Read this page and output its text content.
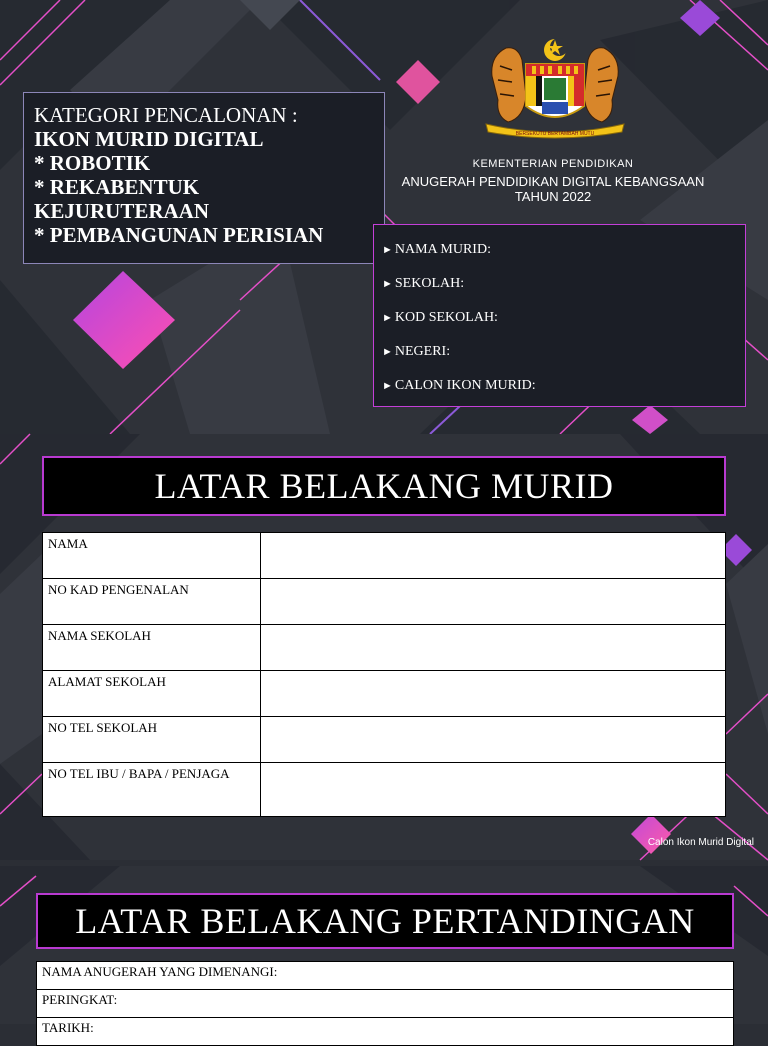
KATEGORI PENCALONAN :
IKON MURID DIGITAL
* ROBOTIK
* REKABENTUK KEJURUTERAAN
* PEMBANGUNAN PERISIAN
BERSEKUTU BERTAMBAH MUTU
KEMENTERIAN PENDIDIKAN
ANUGERAH PENDIDIKAN DIGITAL KEBANGSAAN
TAHUN 2022
► NAMA MURID:
► SEKOLAH:
► KOD SEKOLAH:
► NEGERI:
► CALON IKON MURID:
LATAR BELAKANG MURID
NAMA	
NO KAD PENGENALAN	
NAMA SEKOLAH	
ALAMAT SEKOLAH	
NO TEL SEKOLAH	
NO TEL IBU / BAPA / PENJAGA	
Calon Ikon Murid Digital
LATAR BELAKANG PERTANDINGAN
NAMA ANUGERAH YANG DIMENANGI:
PERINGKAT:
TARIKH:
